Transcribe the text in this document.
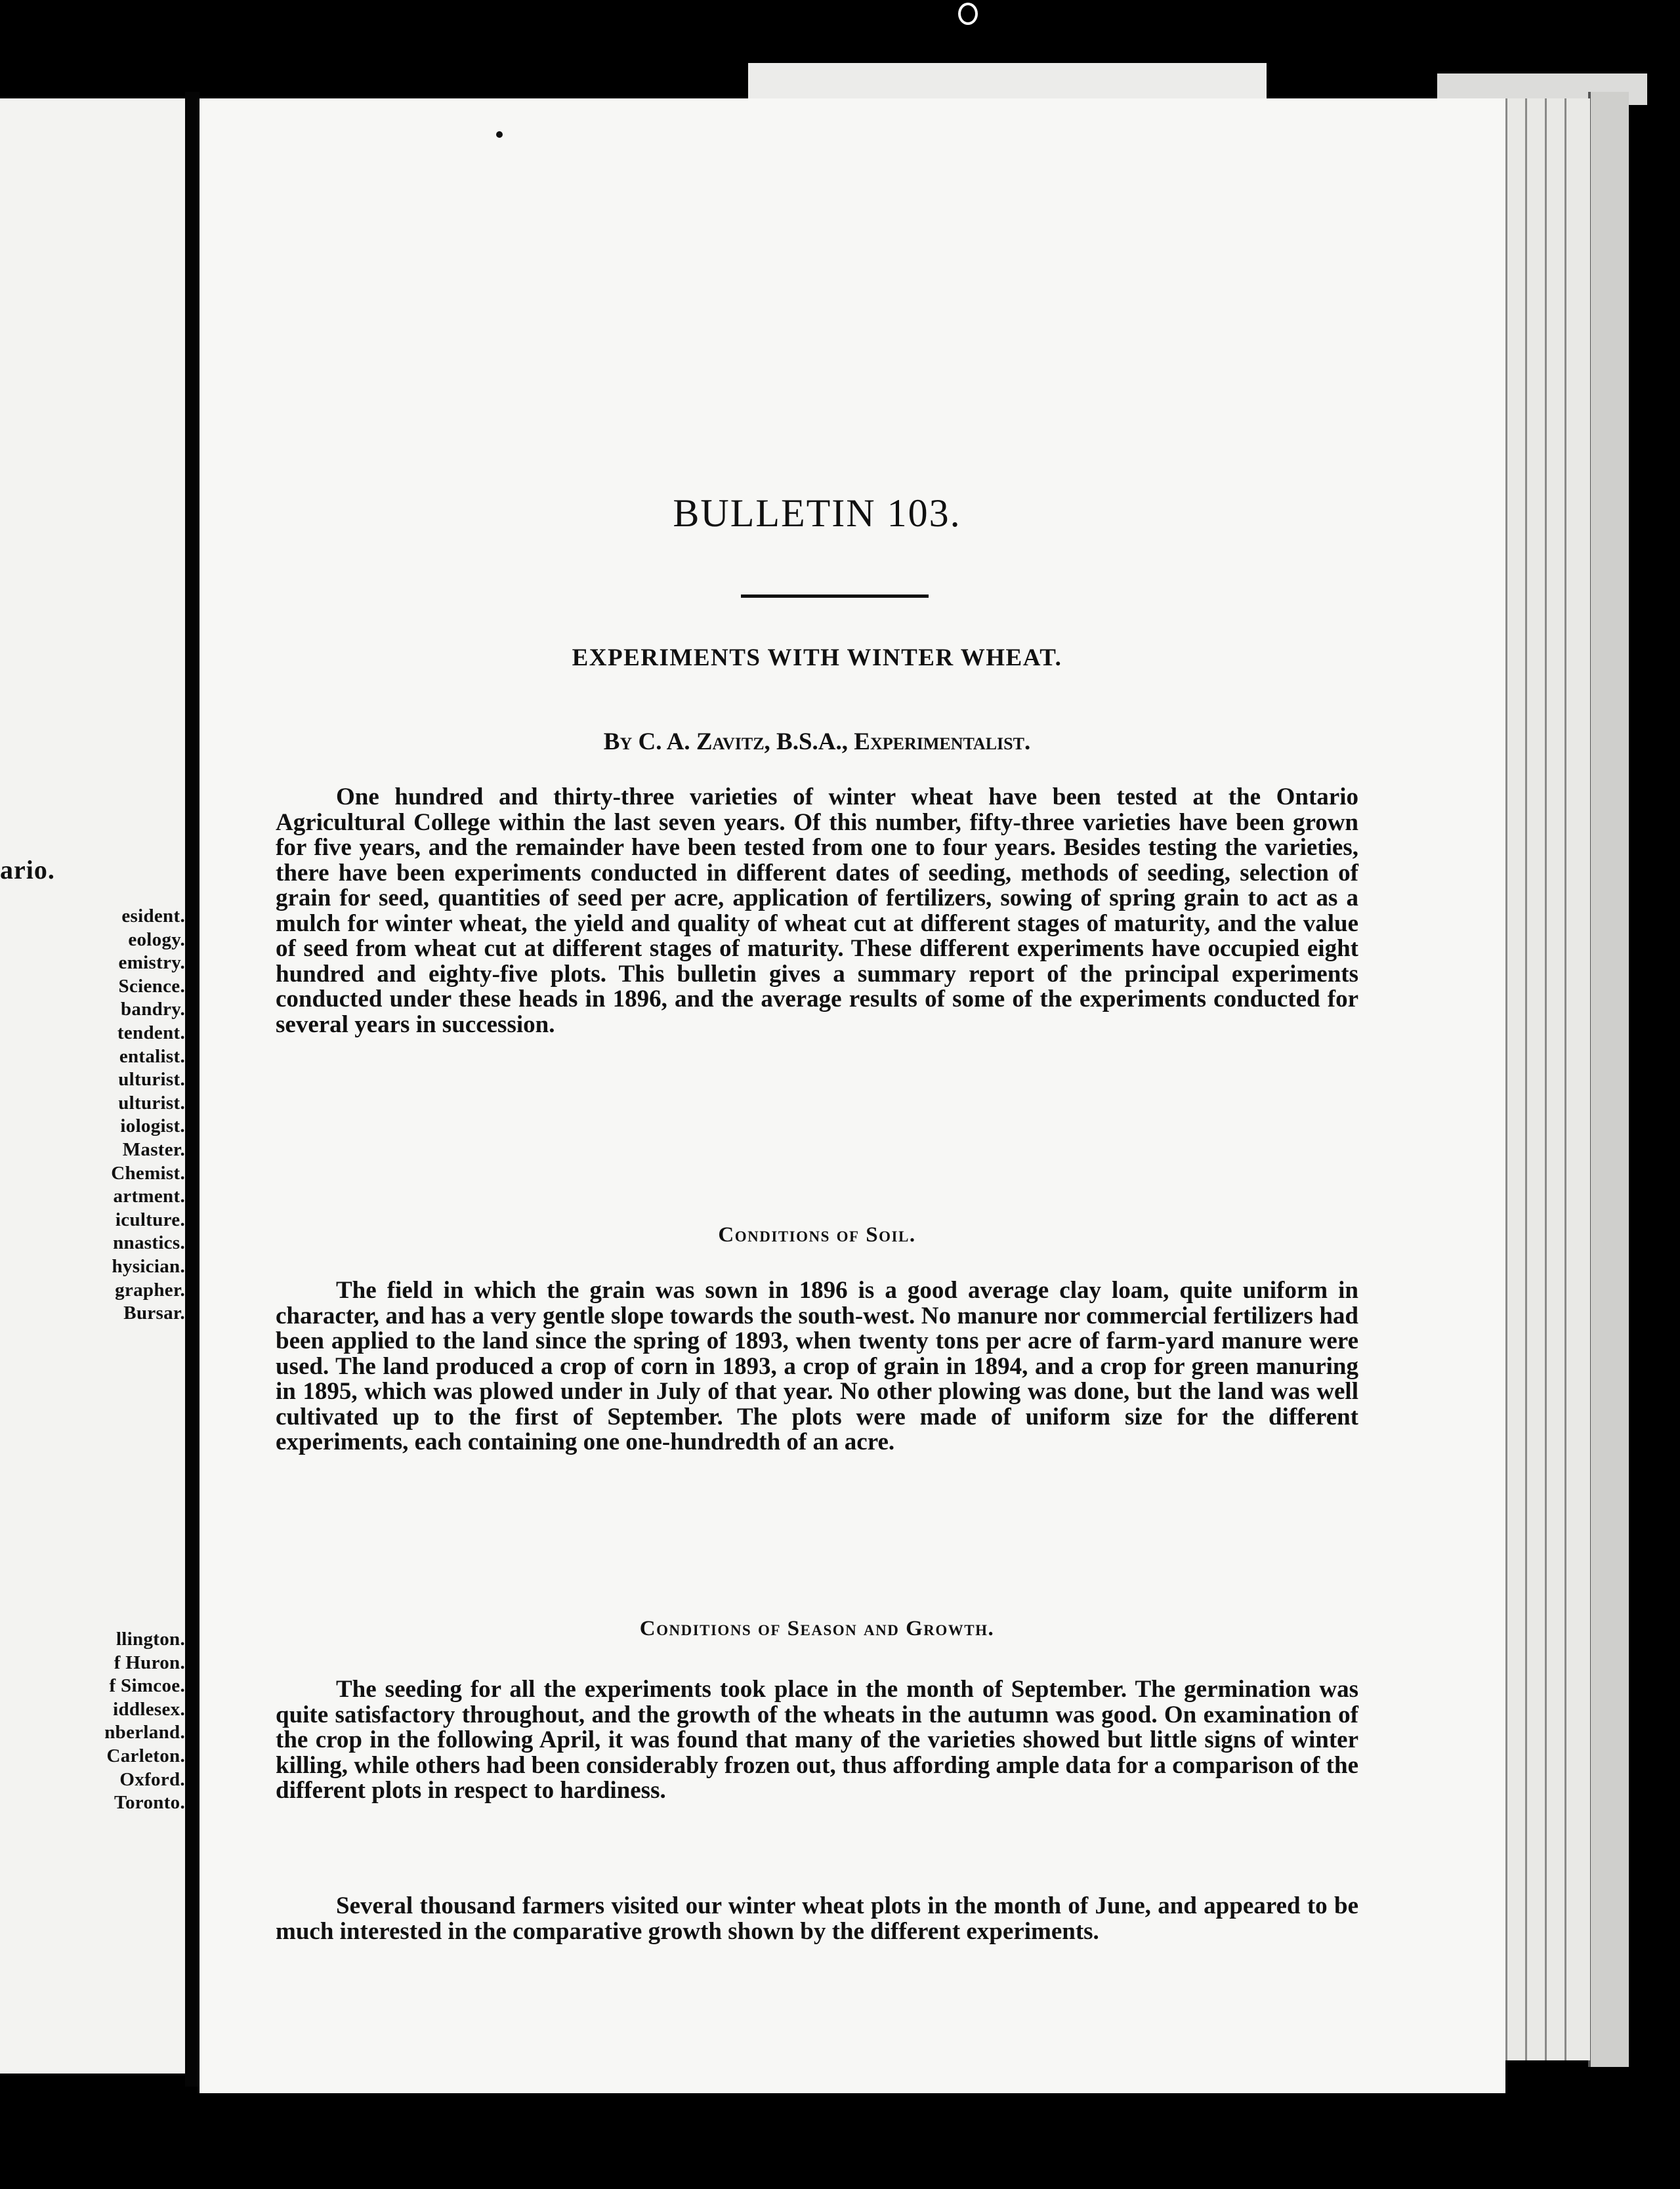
ario.
esident.
eology.
emistry.
Science.
bandry.
tendent.
entalist.
ulturist.
ulturist.
iologist.
Master.
Chemist.
artment.
iculture.
nnastics.
hysician.
grapher.
Bursar.
llington.
f Huron.
f Simcoe.
iddlesex.
nberland.
Carleton.
Oxford.
Toronto.
BULLETIN 103.
EXPERIMENTS WITH WINTER WHEAT.

By C. A. Zavitz, B.S.A., Experimentalist.

One hundred and thirty-three varieties of winter wheat have been tested at the Ontario Agricultural College within the last seven years. Of this number, fifty-three varieties have been grown for five years, and the remainder have been tested from one to four years. Besides testing the varieties, there have been experiments conducted in different dates of seeding, methods of seeding, selection of grain for seed, quantities of seed per acre, application of fertilizers, sowing of spring grain to act as a mulch for winter wheat, the yield and quality of wheat cut at different stages of maturity, and the value of seed from wheat cut at different stages of maturity. These different experiments have occupied eight hundred and eighty-five plots. This bulletin gives a summary report of the principal experiments conducted under these heads in 1896, and the average results of some of the experiments conducted for several years in succession.

Conditions of Soil.

The field in which the grain was sown in 1896 is a good average clay loam, quite uniform in character, and has a very gentle slope towards the south-west. No manure nor commercial fertilizers had been applied to the land since the spring of 1893, when twenty tons per acre of farm-yard manure were used. The land produced a crop of corn in 1893, a crop of grain in 1894, and a crop for green manuring in 1895, which was plowed under in July of that year. No other plowing was done, but the land was well cultivated up to the first of September. The plots were made of uniform size for the different experiments, each containing one one-hundredth of an acre.

Conditions of Season and Growth.

The seeding for all the experiments took place in the month of September. The germination was quite satisfactory throughout, and the growth of the wheats in the autumn was good. On examination of the crop in the following April, it was found that many of the varieties showed but little signs of winter killing, while others had been considerably frozen out, thus affording ample data for a comparison of the different plots in respect to hardiness.

Several thousand farmers visited our winter wheat plots in the month of June, and appeared to be much interested in the comparative growth shown by the different experiments.
